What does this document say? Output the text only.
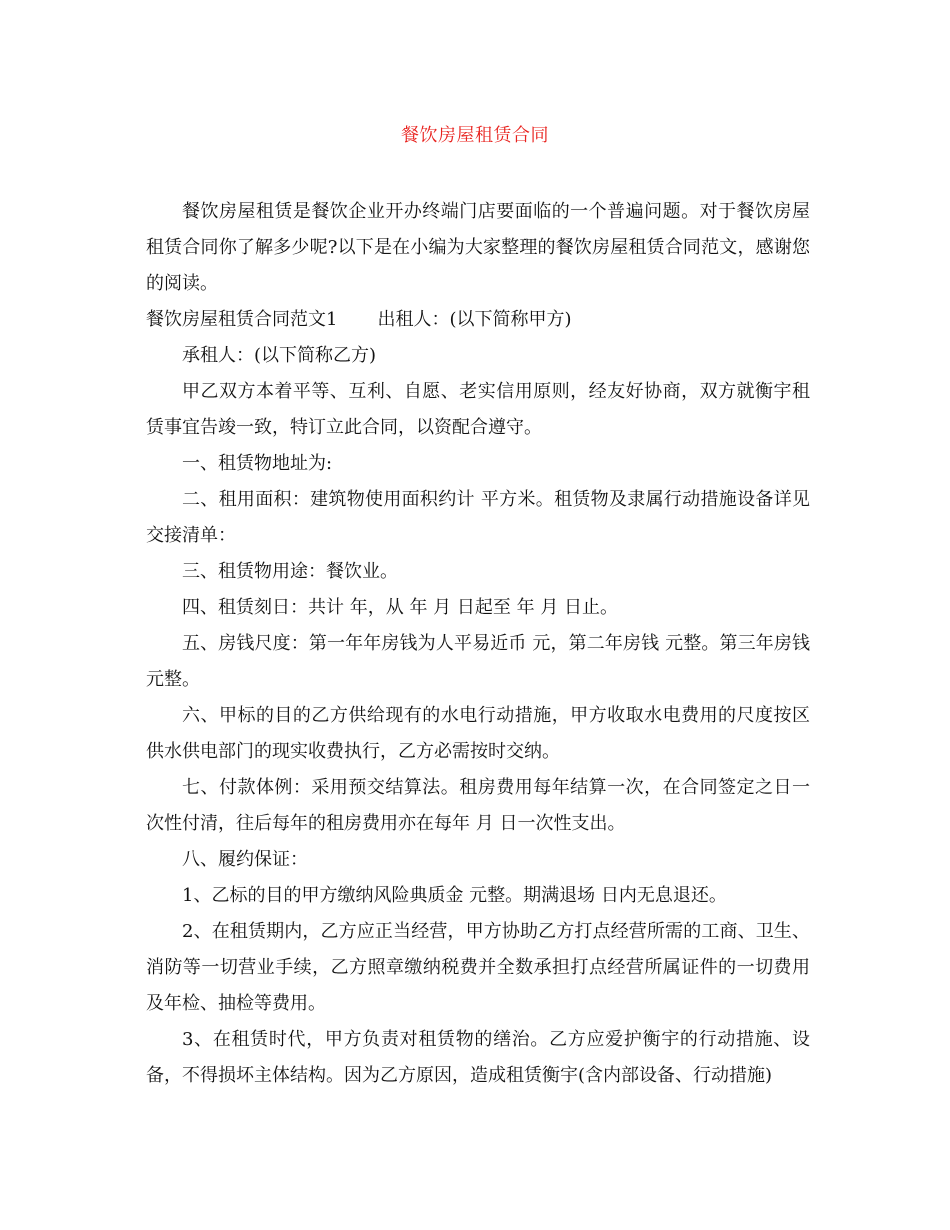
餐饮房屋租赁合同

餐饮房屋租赁是餐饮企业开办终端门店要面临的一个普遍问题。对于餐饮房屋租赁合同你了解多少呢?以下是在小编为大家整理的餐饮房屋租赁合同范文，感谢您的阅读。

餐饮房屋租赁合同范文1 出租人：(以下简称甲方)

承租人：(以下简称乙方)

甲乙双方本着平等、互利、自愿、老实信用原则，经友好协商，双方就衡宇租赁事宜告竣一致，特订立此合同，以资配合遵守。

一、租赁物地址为:

二、租用面积：建筑物使用面积约计 平方米。租赁物及隶属行动措施设备详见交接清单：

三、租赁物用途：餐饮业。

四、租赁刻日：共计 年，从 年 月 日起至 年 月 日止。

五、房钱尺度：第一年年房钱为人平易近币 元，第二年房钱 元整。第三年房钱 元整。

六、甲标的目的乙方供给现有的水电行动措施，甲方收取水电费用的尺度按区供水供电部门的现实收费执行，乙方必需按时交纳。

七、付款体例：采用预交结算法。租房费用每年结算一次，在合同签定之日一次性付清，往后每年的租房费用亦在每年 月 日一次性支出。

八、履约保证：

1、乙标的目的甲方缴纳风险典质金 元整。期满退场 日内无息退还。

2、在租赁期内，乙方应正当经营，甲方协助乙方打点经营所需的工商、卫生、消防等一切营业手续，乙方照章缴纳税费并全数承担打点经营所属证件的一切费用及年检、抽检等费用。

3、在租赁时代，甲方负责对租赁物的缮治。乙方应爱护衡宇的行动措施、设备，不得损坏主体结构。因为乙方原因，造成租赁衡宇(含内部设备、行动措施)
